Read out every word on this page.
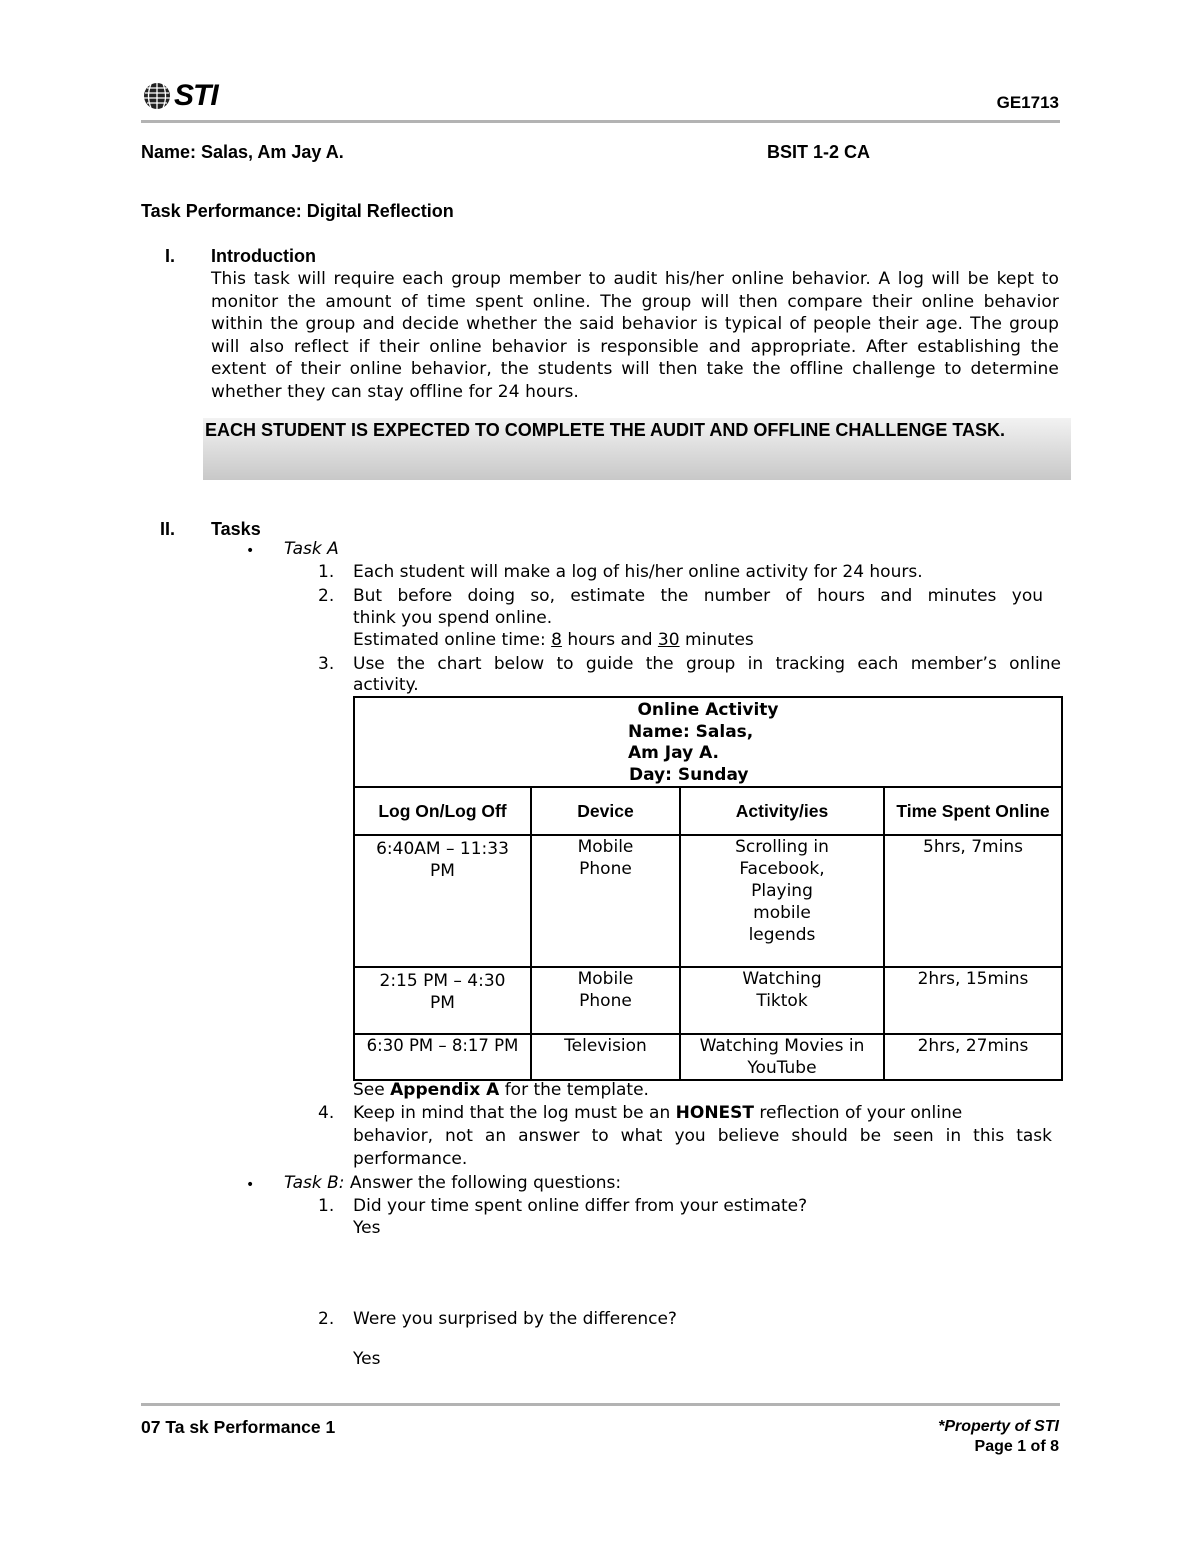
STI	GE1713
Name: Salas, Am Jay A.	BSIT 1-2 CA
Task Performance: Digital Reflection
I. Introduction
This task will require each group member to audit his/her online behavior. A log will be kept to monitor the amount of time spent online. The group will then compare their online behavior within the group and decide whether the said behavior is typical of people their age. The group will also reflect if their online behavior is responsible and appropriate. After establishing the extent of their online behavior, the students will then take the offline challenge to determine whether they can stay offline for 24 hours.
EACH STUDENT IS EXPECTED TO COMPLETE THE AUDIT AND OFFLINE CHALLENGE TASK.
II. Tasks
• Task A
1. Each student will make a log of his/her online activity for 24 hours.
2. But before doing so, estimate the number of hours and minutes you
think you spend online.
Estimated online time: 8 hours and 30 minutes
3. Use the chart below to guide the group in tracking each member’s online
activity.
Online Activity
Name: Salas,
Am Jay A.
Day: Sunday			

Log On/Log Off	Device	Activity/ies	Time Spent Online
6:40AM – 11:33 PM	Mobile Phone	Scrolling in Facebook, Playing mobile legends	5hrs, 7mins
2:15 PM – 4:30 PM	Mobile Phone	Watching Tiktok	2hrs, 15mins
6:30 PM – 8:17 PM	Television	Watching Movies in YouTube	2hrs, 27mins
See Appendix A for the template.
4. Keep in mind that the log must be an HONEST reflection of your online
behavior, not an answer to what you believe should be seen in this task
performance.
• Task B: Answer the following questions:
1. Did your time spent online differ from your estimate?
Yes
2. Were you surprised by the difference?
Yes
07 Ta sk Performance 1	*Property of STI
Page 1 of 8
